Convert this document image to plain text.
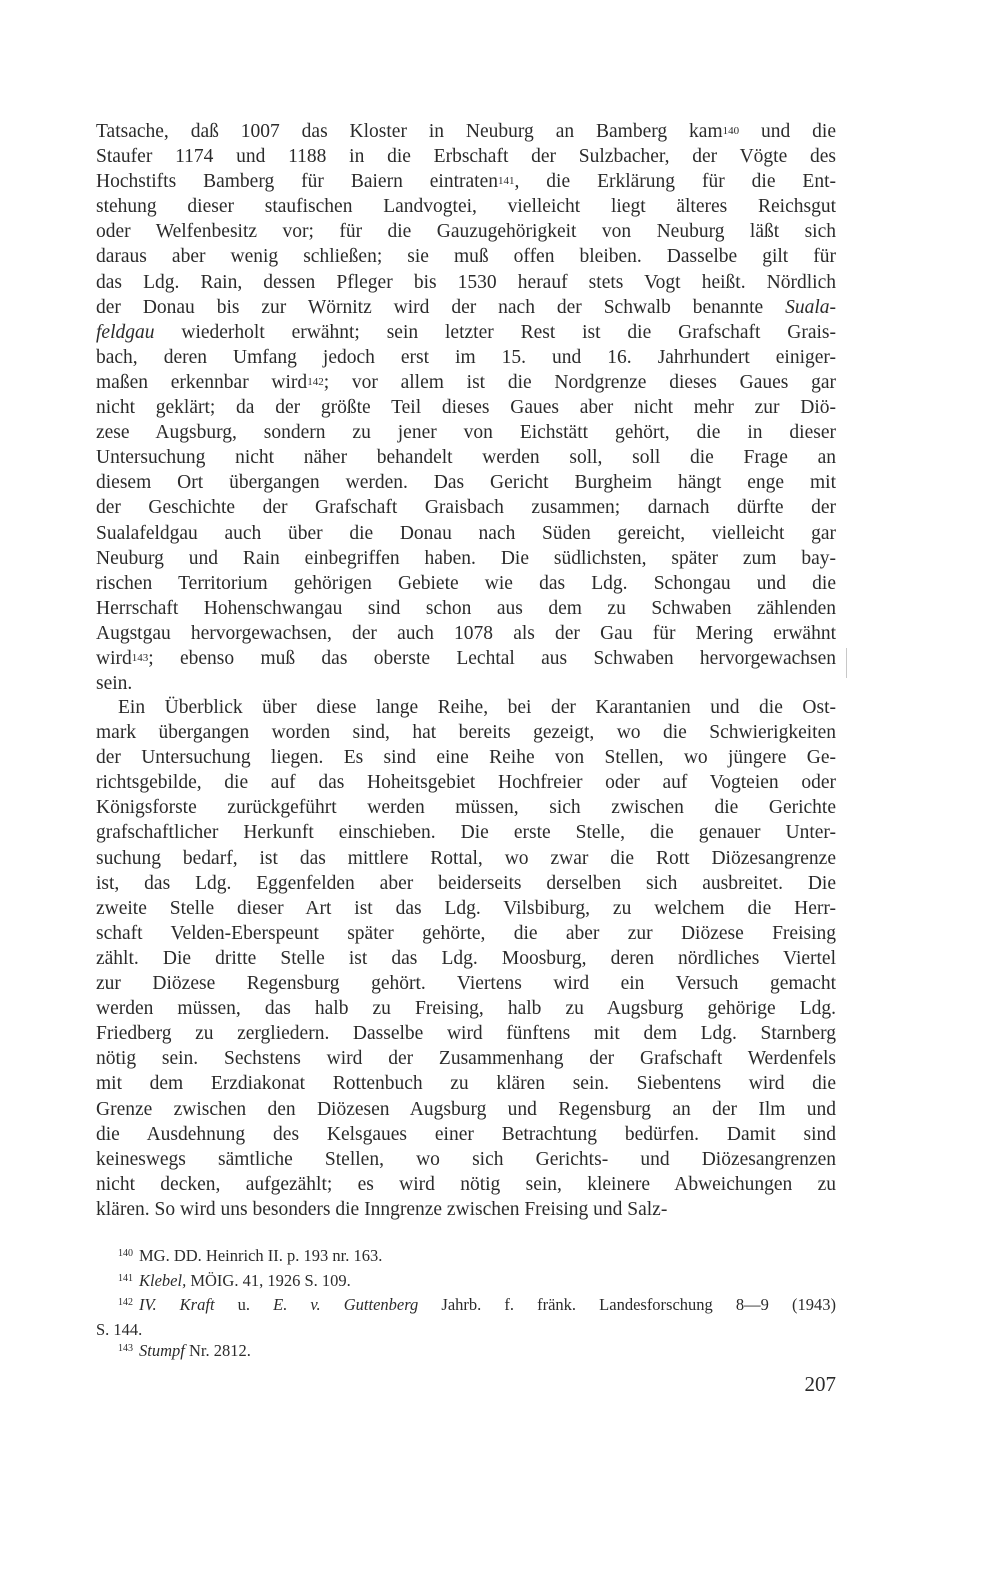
Tatsache, daß 1007 das Kloster in Neuburg an Bamberg kam$^{140}$ und die
Staufer 1174 und 1188 in die Erbschaft der Sulzbacher, der Vögte des
Hochstifts Bamberg für Baiern eintraten$^{141}$, die Erklärung für die Ent-
stehung dieser staufischen Landvogtei, vielleicht liegt älteres Reichsgut
oder Welfenbesitz vor; für die Gauzugehörigkeit von Neuburg läßt sich
daraus aber wenig schließen; sie muß offen bleiben. Dasselbe gilt für
das Ldg. Rain, dessen Pfleger bis 1530 herauf stets Vogt heißt. Nördlich
der Donau bis zur Wörnitz wird der nach der Schwalb benannte Suala-
feldgau wiederholt erwähnt; sein letzter Rest ist die Grafschaft Grais-
bach, deren Umfang jedoch erst im 15. und 16. Jahrhundert einiger-
maßen erkennbar wird$^{142}$; vor allem ist die Nordgrenze dieses Gaues gar
nicht geklärt; da der größte Teil dieses Gaues aber nicht mehr zur Diö-
zese Augsburg, sondern zu jener von Eichstätt gehört, die in dieser
Untersuchung nicht näher behandelt werden soll, soll die Frage an
diesem Ort übergangen werden. Das Gericht Burgheim hängt enge mit
der Geschichte der Grafschaft Graisbach zusammen; darnach dürfte der
Sualafeldgau auch über die Donau nach Süden gereicht, vielleicht gar
Neuburg und Rain einbegriffen haben. Die südlichsten, später zum bay-
rischen Territorium gehörigen Gebiete wie das Ldg. Schongau und die
Herrschaft Hohenschwangau sind schon aus dem zu Schwaben zählenden
Augstgau hervorgewachsen, der auch 1078 als der Gau für Mering erwähnt
wird$^{143}$; ebenso muß das oberste Lechtal aus Schwaben hervorgewachsen
sein.
Ein Überblick über diese lange Reihe, bei der Karantanien und die Ost-
mark übergangen worden sind, hat bereits gezeigt, wo die Schwierigkeiten
der Untersuchung liegen. Es sind eine Reihe von Stellen, wo jüngere Ge-
richtsgebilde, die auf das Hoheitsgebiet Hochfreier oder auf Vogteien oder
Königsforste zurückgeführt werden müssen, sich zwischen die Gerichte
grafschaftlicher Herkunft einschieben. Die erste Stelle, die genauer Unter-
suchung bedarf, ist das mittlere Rottal, wo zwar die Rott Diözesangrenze
ist, das Ldg. Eggenfelden aber beiderseits derselben sich ausbreitet. Die
zweite Stelle dieser Art ist das Ldg. Vilsbiburg, zu welchem die Herr-
schaft Velden-Eberspeunt später gehörte, die aber zur Diözese Freising
zählt. Die dritte Stelle ist das Ldg. Moosburg, deren nördliches Viertel
zur Diözese Regensburg gehört. Viertens wird ein Versuch gemacht
werden müssen, das halb zu Freising, halb zu Augsburg gehörige Ldg.
Friedberg zu zergliedern. Dasselbe wird fünftens mit dem Ldg. Starnberg
nötig sein. Sechstens wird der Zusammenhang der Grafschaft Werdenfels
mit dem Erzdiakonat Rottenbuch zu klären sein. Siebentens wird die
Grenze zwischen den Diözesen Augsburg und Regensburg an der Ilm und
die Ausdehnung des Kelsgaues einer Betrachtung bedürfen. Damit sind
keineswegs sämtliche Stellen, wo sich Gerichts- und Diözesangrenzen
nicht decken, aufgezählt; es wird nötig sein, kleinere Abweichungen zu
klären. So wird uns besonders die Inngrenze zwischen Freising und Salz-
$^{140}$ MG. DD. Heinrich II. p. 193 nr. 163.
$^{141}$ Klebel, MÖIG. 41, 1926 S. 109.
$^{142}$ IV. Kraft u. E. v. Guttenberg Jahrb. f. fränk. Landesforschung 8—9 (1943)
S. 144.
$^{143}$ Stumpf Nr. 2812.
207
